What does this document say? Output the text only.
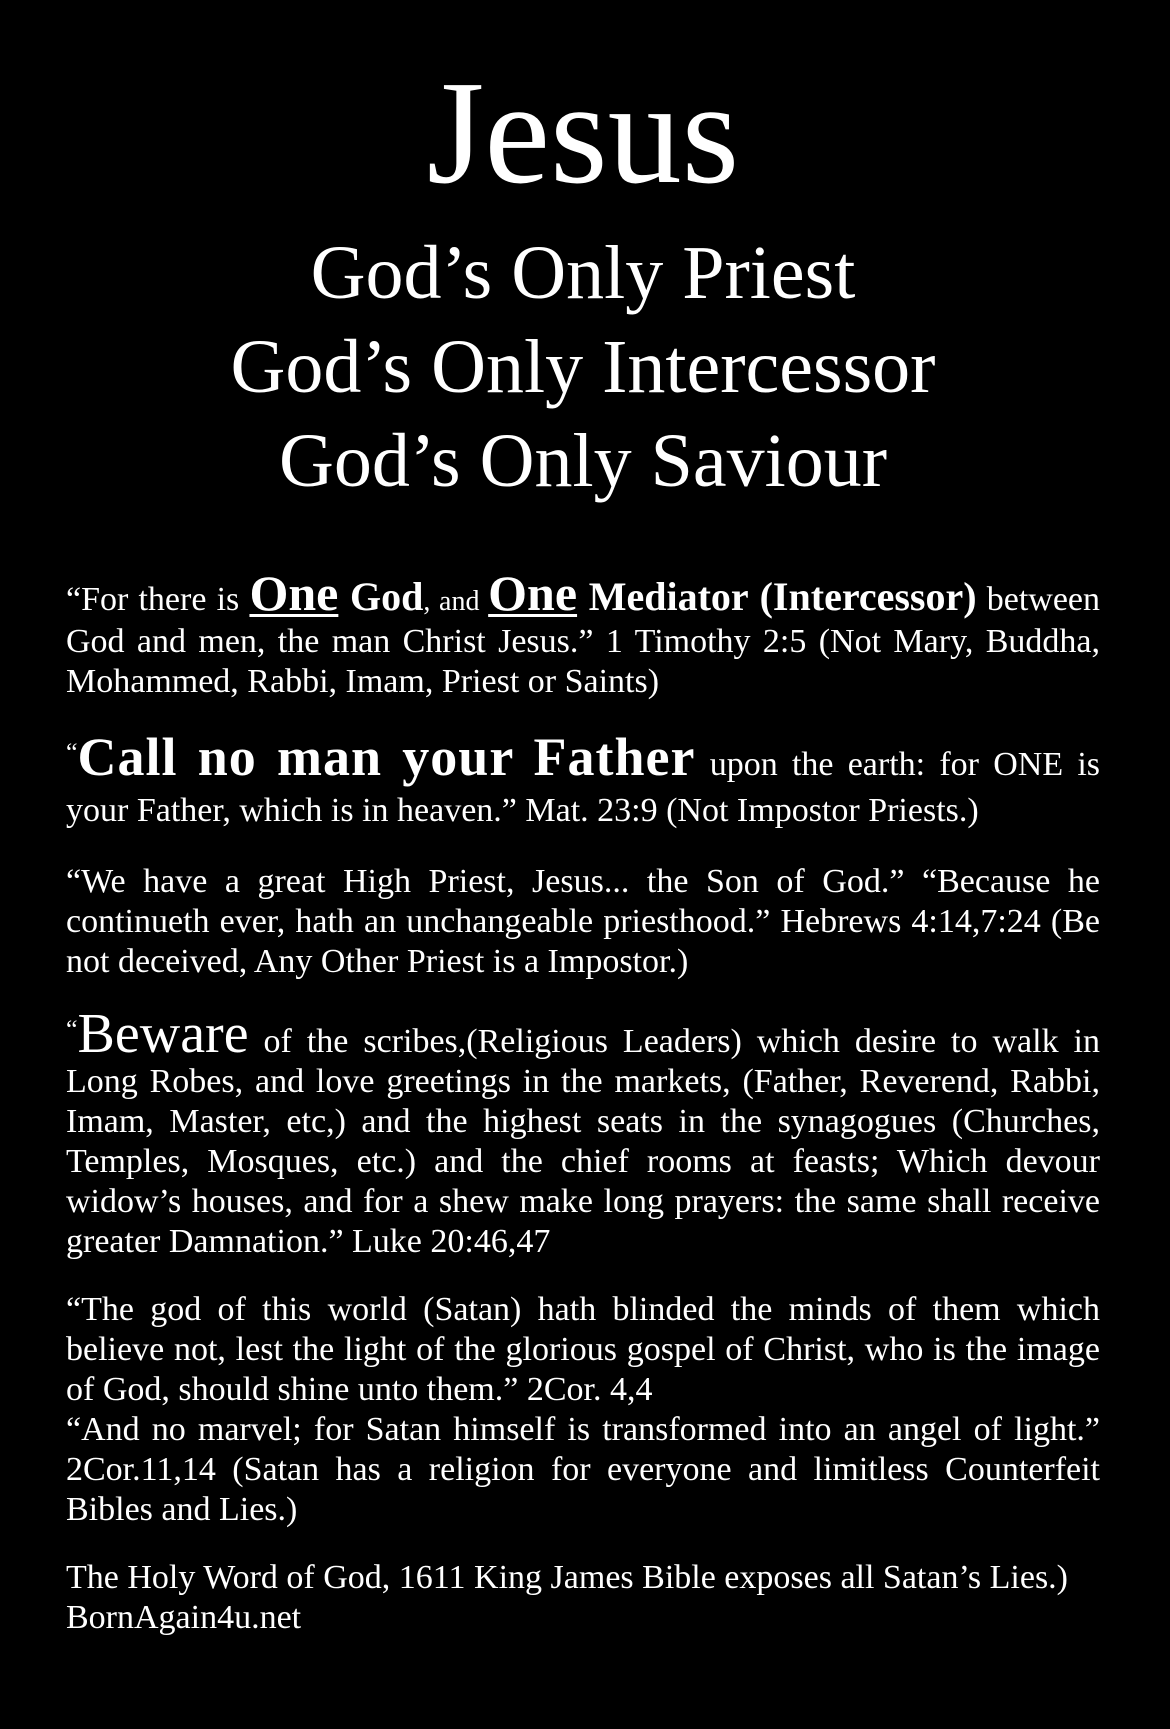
Jesus
God’s Only Priest
God’s Only Intercessor
God’s Only Saviour

“For there is One God, and One Mediator (Intercessor) between God and men, the man Christ Jesus.” 1 Timothy 2:5 (Not Mary, Buddha, Mohammed, Rabbi, Imam, Priest or Saints)

“Call no man your Father upon the earth: for ONE is your Father, which is in heaven.” Mat. 23:9 (Not Impostor Priests.)

“We have a great High Priest, Jesus... the Son of God.” “Because he continueth ever, hath an unchangeable priesthood.” Hebrews 4:14,7:24 (Be not deceived, Any Other Priest is a Impostor.)

“Beware of the scribes,(Religious Leaders) which desire to walk in Long Robes, and love greetings in the markets, (Father, Reverend, Rabbi, Imam, Master, etc,) and the highest seats in the synagogues (Churches, Temples, Mosques, etc.) and the chief rooms at feasts; Which devour widow’s houses, and for a shew make long prayers: the same shall receive greater Damnation.” Luke 20:46,47

“The god of this world (Satan) hath blinded the minds of them which believe not, lest the light of the glorious gospel of Christ, who is the image of God, should shine unto them.” 2Cor. 4,4

“And no marvel; for Satan himself is transformed into an angel of light.” 2Cor.11,14 (Satan has a religion for everyone and limitless Counterfeit Bibles and Lies.)

The Holy Word of God, 1611 King James Bible exposes all Satan’s Lies.)
BornAgain4u.net
